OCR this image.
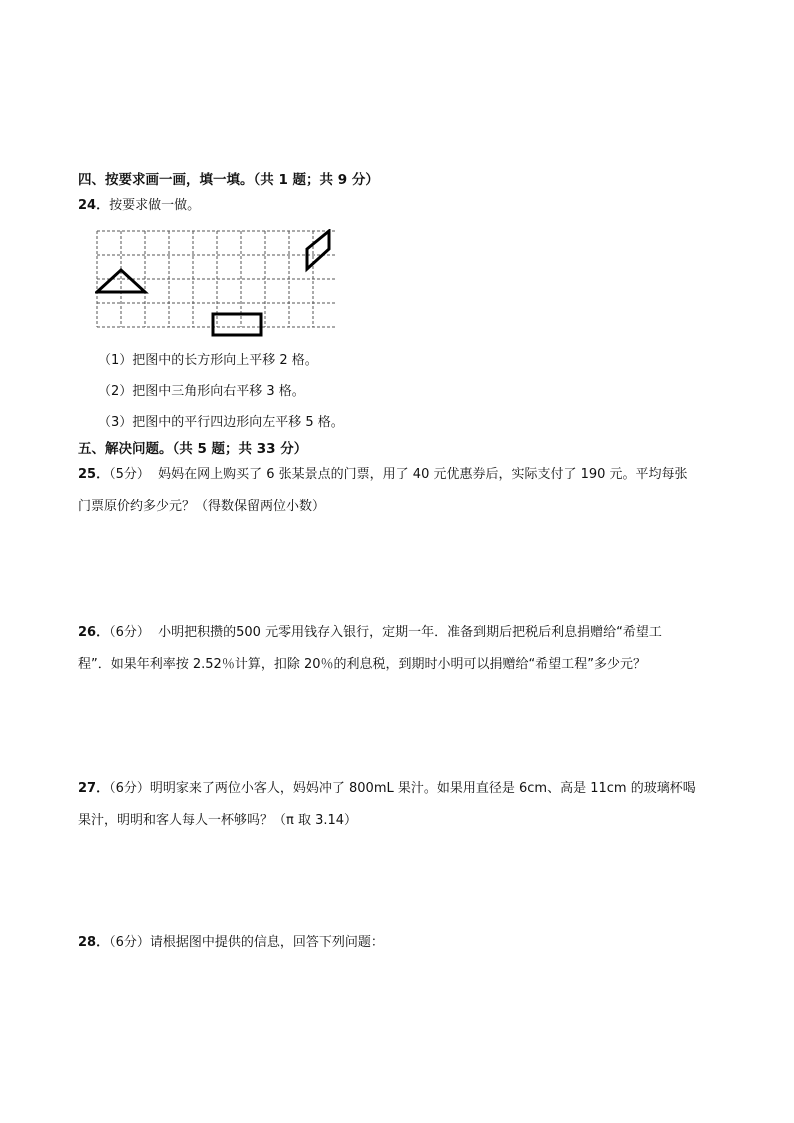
四、按要求画一画，填一填。（共 1 题；共 9 分）
24．按要求做一做。
（1）把图中的长方形向上平移 2 格。
（2）把图中三角形向右平移 3 格。
（3）把图中的平行四边形向左平移 5 格。
五、解决问题。（共 5 题；共 33 分）
25．（5分） 妈妈在网上购买了 6 张某景点的门票，用了 40 元优惠券后，实际支付了 190 元。平均每张
门票原价约多少元？（得数保留两位小数）
26．（6分） 小明把积攒的500 元零用钱存入银行，定期一年．准备到期后把税后利息捐赠给“希望工
程”．如果年利率按 2.52％计算，扣除 20％的利息税，到期时小明可以捐赠给“希望工程”多少元？
27．（6分）明明家来了两位小客人，妈妈冲了 800mL 果汁。如果用直径是 6cm、高是 11cm 的玻璃杯喝
果汁，明明和客人每人一杯够吗？（π 取 3.14）
28．（6分）请根据图中提供的信息，回答下列问题：
